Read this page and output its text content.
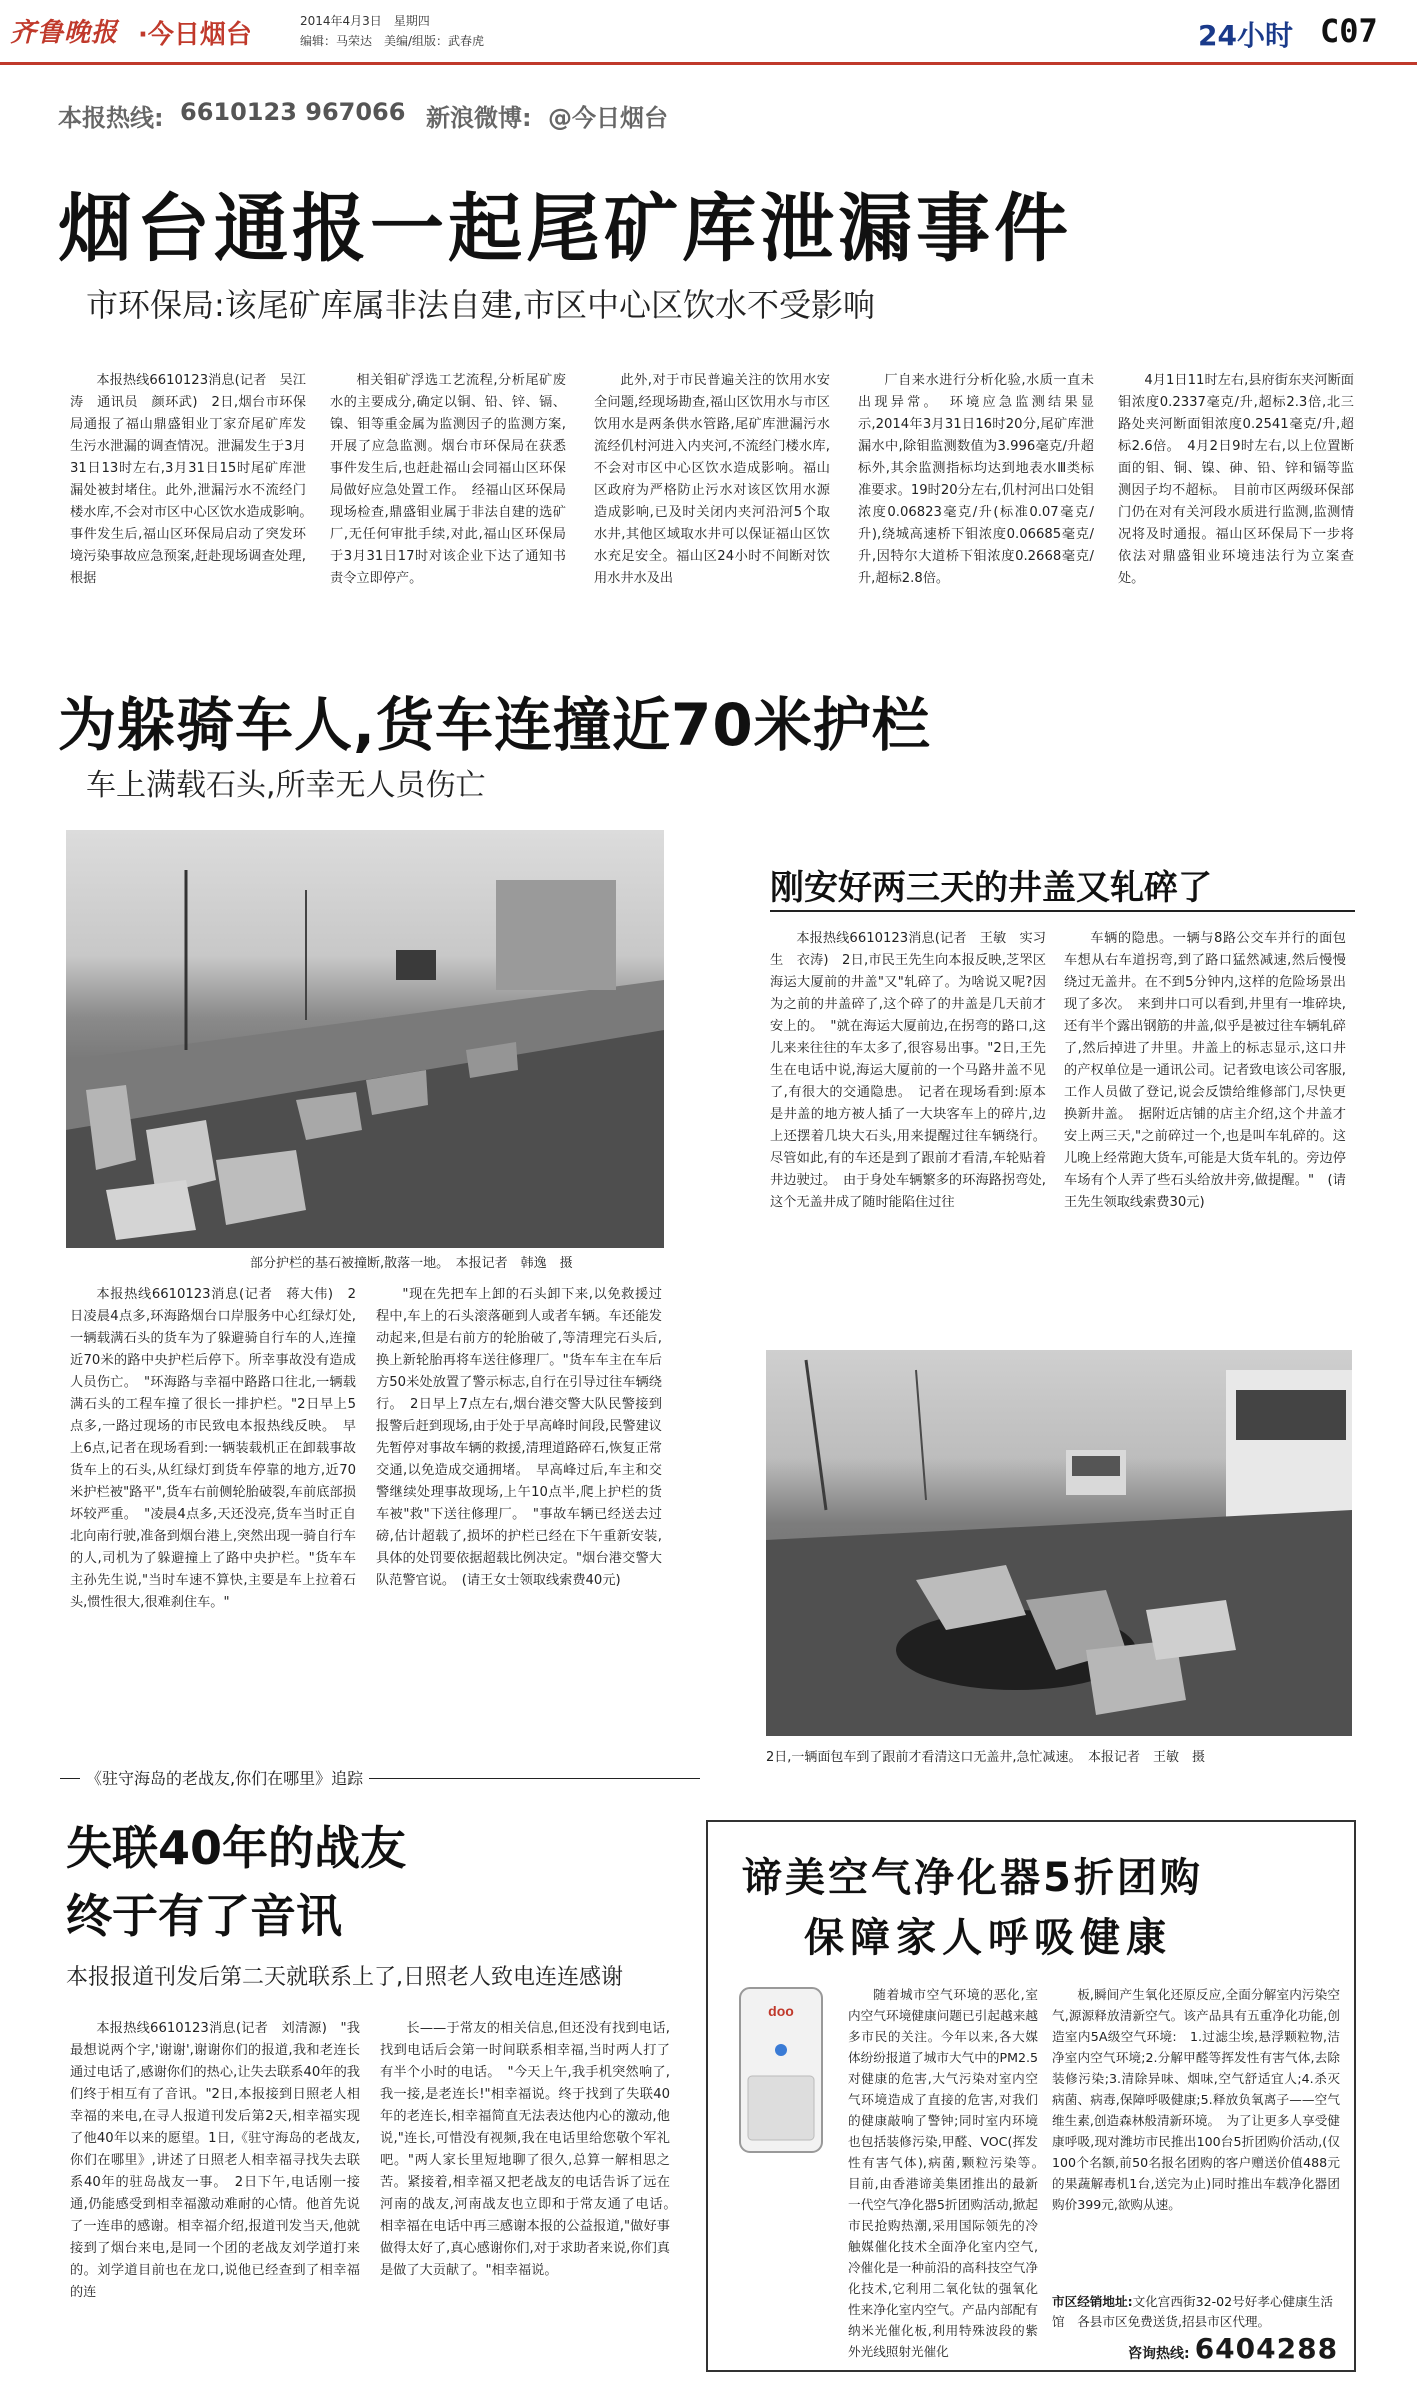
齐鲁晚报 ·今日烟台	2014年4月3日　星期四
编辑：马荣达　美编/组版：武春虎	24小时 C07
本报热线: 6610123 967066 新浪微博: @今日烟台
烟台通报一起尾矿库泄漏事件
市环保局:该尾矿库属非法自建,市区中心区饮水不受影响

本报热线6610123消息(记者　吴江涛　通讯员　颜环武)　2日,烟台市环保局通报了福山鼎盛钼业丁家夼尾矿库发生污水泄漏的调查情况。泄漏发生于3月31日13时左右,3月31日15时尾矿库泄漏处被封堵住。此外,泄漏污水不流经门楼水库,不会对市区中心区饮水造成影响。　事件发生后,福山区环保局启动了突发环境污染事故应急预案,赶赴现场调查处理,根据

相关钼矿浮选工艺流程,分析尾矿废水的主要成分,确定以铜、铅、锌、镉、镍、钼等重金属为监测因子的监测方案,开展了应急监测。烟台市环保局在获悉事件发生后,也赶赴福山会同福山区环保局做好应急处置工作。　经福山区环保局现场检查,鼎盛钼业属于非法自建的选矿厂,无任何审批手续,对此,福山区环保局于3月31日17时对该企业下达了通知书责令立即停产。

此外,对于市民普遍关注的饮用水安全问题,经现场勘查,福山区饮用水与市区饮用水是两条供水管路,尾矿库泄漏污水流经仉村河进入内夹河,不流经门楼水库,不会对市区中心区饮水造成影响。福山区政府为严格防止污水对该区饮用水源造成影响,已及时关闭内夹河沿河5个取水井,其他区域取水井可以保证福山区饮水充足安全。福山区24小时不间断对饮用水井水及出

厂自来水进行分析化验,水质一直未出现异常。　环境应急监测结果显示,2014年3月31日16时20分,尾矿库泄漏水中,除钼监测数值为3.996毫克/升超标外,其余监测指标均达到地表水Ⅲ类标准要求。19时20分左右,仉村河出口处钼浓度0.06823毫克/升(标准0.07毫克/升),绕城高速桥下钼浓度0.06685毫克/升,因特尔大道桥下钼浓度0.2668毫克/升,超标2.8倍。

4月1日11时左右,县府街东夹河断面钼浓度0.2337毫克/升,超标2.3倍,北三路处夹河断面钼浓度0.2541毫克/升,超标2.6倍。　4月2日9时左右,以上位置断面的钼、铜、镍、砷、铅、锌和镉等监测因子均不超标。　目前市区两级环保部门仍在对有关河段水质进行监测,监测情况将及时通报。福山区环保局下一步将依法对鼎盛钼业环境违法行为立案查处。

为躲骑车人,货车连撞近70米护栏
车上满载石头,所幸无人员伤亡
部分护栏的基石被撞断,散落一地。　本报记者　韩逸　摄

本报热线6610123消息(记者　蒋大伟)　2日凌晨4点多,环海路烟台口岸服务中心红绿灯处,一辆载满石头的货车为了躲避骑自行车的人,连撞近70米的路中央护栏后停下。所幸事故没有造成人员伤亡。　"环海路与幸福中路路口往北,一辆载满石头的工程车撞了很长一排护栏。"2日早上5点多,一路过现场的市民致电本报热线反映。　早上6点,记者在现场看到:一辆装载机正在卸载事故货车上的石头,从红绿灯到货车停靠的地方,近70米护栏被"路平",货车右前侧轮胎破裂,车前底部损坏较严重。　"凌晨4点多,天还没亮,货车当时正自北向南行驶,准备到烟台港上,突然出现一骑自行车的人,司机为了躲避撞上了路中央护栏。"货车车主孙先生说,"当时车速不算快,主要是车上拉着石头,惯性很大,很难刹住车。"

"现在先把车上卸的石头卸下来,以免救援过程中,车上的石头滚落砸到人或者车辆。车还能发动起来,但是右前方的轮胎破了,等清理完石头后,换上新轮胎再将车送往修理厂。"货车车主在车后方50米处放置了警示标志,自行在引导过往车辆绕行。　2日早上7点左右,烟台港交警大队民警接到报警后赶到现场,由于处于早高峰时间段,民警建议先暂停对事故车辆的救援,清理道路碎石,恢复正常交通,以免造成交通拥堵。　早高峰过后,车主和交警继续处理事故现场,上午10点半,爬上护栏的货车被"救"下送往修理厂。　"事故车辆已经送去过磅,估计超载了,损坏的护栏已经在下午重新安装,具体的处罚要依据超载比例决定。"烟台港交警大队范警官说。　(请王女士领取线索费40元)

刚安好两三天的井盖又轧碎了

本报热线6610123消息(记者　王敏　实习生　衣涛)　2日,市民王先生向本报反映,芝罘区海运大厦前的井盖"又"轧碎了。为啥说又呢?因为之前的井盖碎了,这个碎了的井盖是几天前才安上的。　"就在海运大厦前边,在拐弯的路口,这儿来来往往的车太多了,很容易出事。"2日,王先生在电话中说,海运大厦前的一个马路井盖不见了,有很大的交通隐患。　记者在现场看到:原本是井盖的地方被人插了一大块客车上的碎片,边上还摆着几块大石头,用来提醒过往车辆绕行。尽管如此,有的车还是到了跟前才看清,车轮贴着井边驶过。　由于身处车辆繁多的环海路拐弯处,这个无盖井成了随时能陷住过往

车辆的隐患。一辆与8路公交车并行的面包车想从右车道拐弯,到了路口猛然减速,然后慢慢绕过无盖井。在不到5分钟内,这样的危险场景出现了多次。　来到井口可以看到,井里有一堆碎块,还有半个露出钢筋的井盖,似乎是被过往车辆轧碎了,然后掉进了井里。井盖上的标志显示,这口井的产权单位是一通讯公司。记者致电该公司客服,工作人员做了登记,说会反馈给维修部门,尽快更换新井盖。　据附近店铺的店主介绍,这个井盖才安上两三天,"之前碎过一个,也是叫车轧碎的。这儿晚上经常跑大货车,可能是大货车轧的。旁边停车场有个人弄了些石头给放井旁,做提醒。"　(请王先生领取线索费30元)

2日,一辆面包车到了跟前才看清这口无盖井,急忙减速。　本报记者　王敏　摄
《驻守海岛的老战友,你们在哪里》追踪
失联40年的战友
终于有了音讯
本报报道刊发后第二天就联系上了,日照老人致电连连感谢

本报热线6610123消息(记者　刘清源)　"我最想说两个字,'谢谢',谢谢你们的报道,我和老连长通过电话了,感谢你们的热心,让失去联系40年的我们终于相互有了音讯。"2日,本报接到日照老人相幸福的来电,在寻人报道刊发后第2天,相幸福实现了他40年以来的愿望。1日,《驻守海岛的老战友,你们在哪里》,讲述了日照老人相幸福寻找失去联系40年的驻岛战友一事。　2日下午,电话刚一接通,仍能感受到相幸福激动难耐的心情。他首先说了一连串的感谢。相幸福介绍,报道刊发当天,他就接到了烟台来电,是同一个团的老战友刘学道打来的。刘学道目前也在龙口,说他已经查到了相幸福的连

长——于常友的相关信息,但还没有找到电话,找到电话后会第一时间联系相幸福,当时两人打了有半个小时的电话。　"今天上午,我手机突然响了,我一接,是老连长!"相幸福说。终于找到了失联40年的老连长,相幸福简直无法表达他内心的激动,他说,"连长,可惜没有视频,我在电话里给您敬个军礼吧。"两人家长里短地聊了很久,总算一解相思之苦。紧接着,相幸福又把老战友的电话告诉了远在河南的战友,河南战友也立即和于常友通了电话。　相幸福在电话中再三感谢本报的公益报道,"做好事做得太好了,真心感谢你们,对于求助者来说,你们真是做了大贡献了。"相幸福说。

谛美空气净化器5折团购
保障家人呼吸健康
doo

随着城市空气环境的恶化,室内空气环境健康问题已引起越来越多市民的关注。今年以来,各大媒体纷纷报道了城市大气中的PM2.5对健康的危害,大气污染对室内空气环境造成了直接的危害,对我们的健康敲响了警钟;同时室内环境也包括装修污染,甲醛、VOC(挥发性有害气体),病菌,颗粒污染等。　目前,由香港谛美集团推出的最新一代空气净化器5折团购活动,掀起市民抢购热潮,采用国际领先的冷触媒催化技术全面净化室内空气,冷催化是一种前沿的高科技空气净化技术,它利用二氧化钛的强氧化性来净化室内空气。产品内部配有纳米光催化板,利用特殊波段的紫外光线照射光催化

板,瞬间产生氧化还原反应,全面分解室内污染空气,源源释放清新空气。该产品具有五重净化功能,创造室内5A级空气环境:　1.过滤尘埃,悬浮颗粒物,洁净室内空气环境;2.分解甲醛等挥发性有害气体,去除装修污染;3.清除异味、烟味,空气舒适宜人;4.杀灭病菌、病毒,保障呼吸健康;5.释放负氧离子——空气维生素,创造森林般清新环境。　为了让更多人享受健康呼吸,现对潍坊市民推出100台5折团购价活动,(仅100个名额,前50名报名团购的客户赠送价值488元的果蔬解毒机1台,送完为止)同时推出车载净化器团购价399元,欲购从速。

市区经销地址:文化宫西街32-02号好孝心健康生活馆　各县市区免费送货,招县市区代理。
咨询热线: 6404288
